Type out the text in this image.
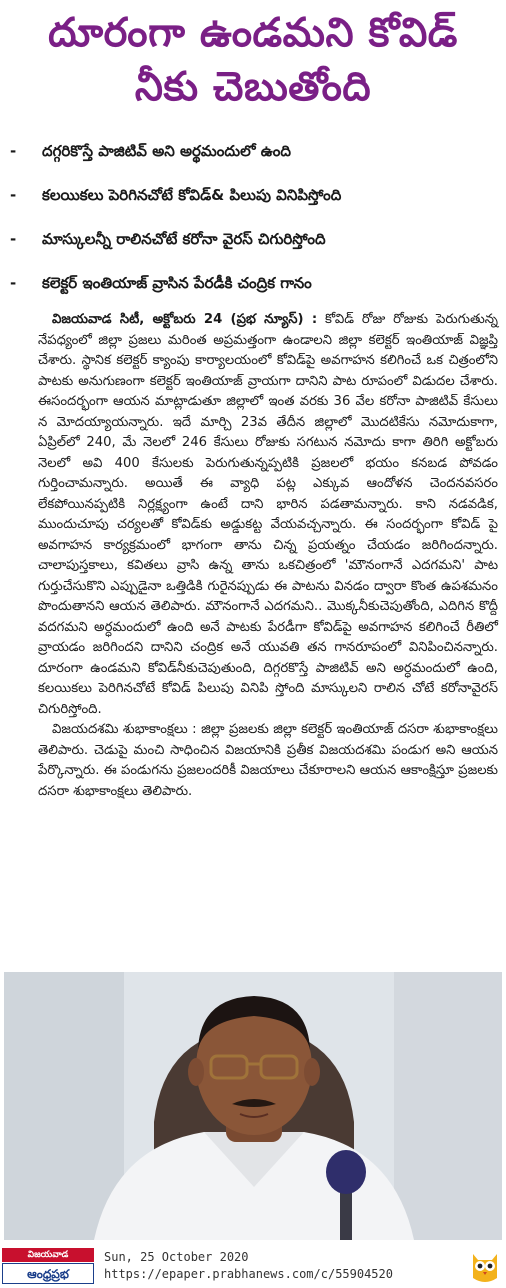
దూరంగా ఉండమని కోవిడ్
నీకు చెబుతోంది
- దగ్గరికొస్తే పాజిటివ్ అని అర్థమందులో ఉంది
- కలయికలు పెరిగినచోటే కోవిడ్& పిలుపు వినిపిస్తోంది
- మాస్కులన్నీ రాలినచోటే కరోనా వైరస్ చిగురిస్తోంది
- కలెక్టర్ ఇంతియాజ్ వ్రాసిన పేరడీకి చంద్రిక గానం

విజయవాడ సిటీ, అక్టోబరు 24 (ప్రభ న్యూస్) : కోవిడ్ రోజు రోజుకు పెరుగుతున్న నేపధ్యంలో జిల్లా ప్రజలు మరింత అప్రమత్తంగా ఉండాలని జిల్లా కలెక్టర్ ఇంతియాజ్ విజ్ఞప్తి చేశారు. స్థానిక కలెక్టర్ క్యాంపు కార్యాలయంలో కోవిడ్‌పై అవగాహన కలిగించే ఒక చిత్రంలోని పాటకు అనుగుణంగా కలెక్టర్ ఇంతియాజ్ వ్రాయగా దానిని పాట రూపంలో విడుదల చేశారు. ఈసందర్భంగా ఆయన మాట్లాడుతూ జిల్లాలో ఇంత వరకు 36 వేల కరోనా పాజిటివ్ కేసులు న మోదయ్యాయన్నారు. ఇదే మార్చి 23వ తేదీన జిల్లాలో మొదటికేసు నమోదుకాగా, ఏప్రిల్‌లో 240, మే నెలలో 246 కేసులు రోజుకు సగటున నమోదు కాగా తిరిగి అక్టోబరు నెలలో అవి 400 కేసులకు పెరుగుతున్నప్పటికి ప్రజలలో భయం కనబడ పోవడం గుర్తించామన్నారు. అయితే ఈ వ్యాధి పట్ల ఎక్కువ ఆందోళన చెందనవసరం లేకపోయినప్పటికి నిర్లక్ష్యంగా ఉంటే దాని భారిన పడతామన్నారు. కాని నడవడిక, ముందుచూపు చర్యలతో కోవిడ్‌కు అడ్డుకట్ట వేయవచ్చన్నారు. ఈ సందర్భంగా కోవిడ్ పై అవగాహన కార్యక్రమంలో భాగంగా తాను చిన్న ప్రయత్నం చేయడం జరిగిందన్నారు. చాలాపుస్తకాలు, కవితలు వ్రాసి ఉన్న తాను ఒకచిత్రంలో 'మౌనంగానే ఎదగమని' పాట గుర్తుచేసుకొని ఎప్పుడైనా ఒత్తిడికి గురైనప్పుడు ఈ పాటను వినడం ద్వారా కొంత ఉపశమనం పొందుతానని ఆయన తెలిపారు. మౌనంగానే ఎదగమని.. మొక్కనీకుచెపుతోంది, ఎదిగిన కొద్దీ వదగమని అర్ధమందులో ఉంది అనే పాటకు పేరడీగా కోవిడ్‌పై అవగాహన కలిగించే రీతిలో వ్రాయడం జరిగిందని దానిని చంద్రిక అనే యువతి తన గానరూపంలో వినిపించినన్నారు. దూరంగా ఉండమని కోవిడ్‌నీకుచెపుతుంది, దిగ్గరకొస్తే పాజిటివ్ అని అర్ధమందులో ఉంది, కలయికలు పెరిగినచోటే కోవిడ్ పిలుపు వినిపి స్తోంది మాస్కులని రాలిన చోటే కరోనావైరస్ చిగురిస్తోంది.

విజయదశమి శుభాకాంక్షలు : జిల్లా ప్రజలకు జిల్లా కలెక్టర్ ఇంతియాజ్ దసరా శుభాకాంక్షలు తెలిపారు. చెడుపై మంచి సాధించిన విజయానికి ప్రతీక విజయదశమి పండుగ అని ఆయన పేర్కొన్నారు. ఈ పండుగను ప్రజలందరికీ విజయాలు చేకూరాలని ఆయన ఆకాంక్షిస్తూ ప్రజలకు దసరా శుభాకాంక్షలు తెలిపారు.

విజయవాడ
ఆంధ్రప్రభ
Sun, 25 October 2020
https://epaper.prabhanews.com/c/55904520
